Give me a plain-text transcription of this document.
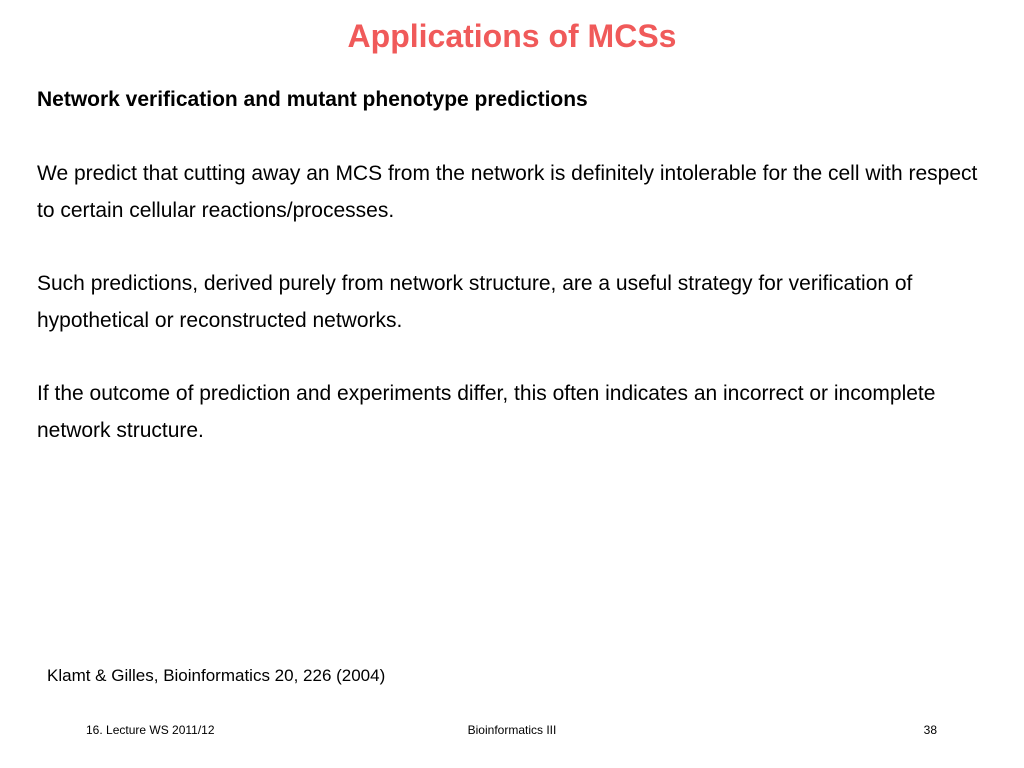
Applications of MCSs

Network verification and mutant phenotype predictions

We predict that cutting away an MCS from the network is definitely intolerable for the cell with respect to certain cellular reactions/processes.

Such predictions, derived purely from network structure, are a useful strategy for verification of hypothetical or reconstructed networks.

If the outcome of prediction and experiments differ, this often indicates an incorrect or incomplete network structure.

Klamt & Gilles, Bioinformatics 20, 226 (2004)

16. Lecture WS 2011/12	Bioinformatics III	38
